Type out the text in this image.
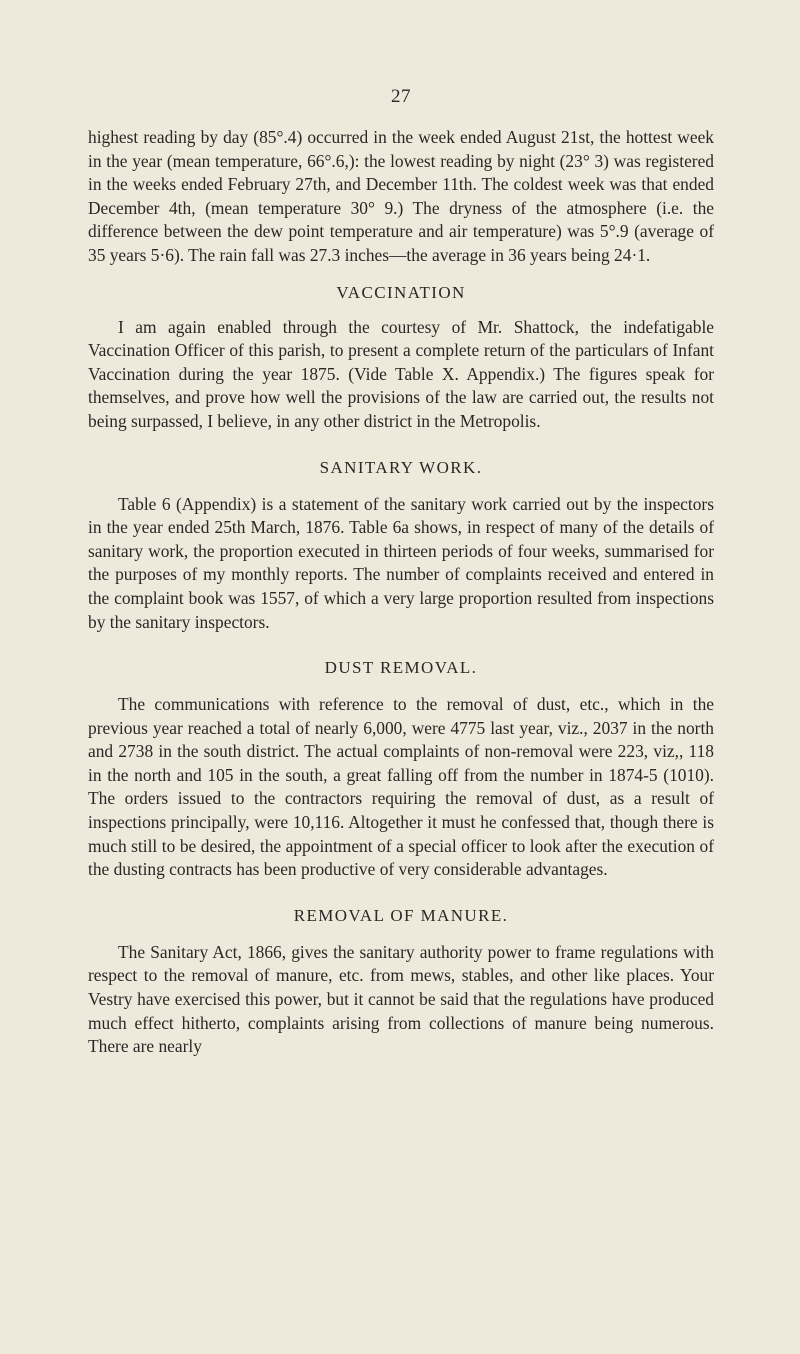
27

highest reading by day (85°.4) occurred in the week ended August 21st, the hottest week in the year (mean temperature, 66°.6,): the lowest reading by night (23° 3) was registered in the weeks ended February 27th, and December 11th. The coldest week was that ended December 4th, (mean temperature 30° 9.) The dryness of the atmosphere (i.e. the difference between the dew point temperature and air temperature) was 5°.9 (average of 35 years 5·6). The rain fall was 27.3 inches—the average in 36 years being 24·1.

VACCINATION

I am again enabled through the courtesy of Mr. Shattock, the indefatigable Vaccination Officer of this parish, to present a complete return of the particulars of Infant Vaccination during the year 1875. (Vide Table X. Appendix.) The figures speak for themselves, and prove how well the provisions of the law are carried out, the results not being surpassed, I believe, in any other district in the Metropolis.

SANITARY WORK.

Table 6 (Appendix) is a statement of the sanitary work carried out by the inspectors in the year ended 25th March, 1876. Table 6a shows, in respect of many of the details of sanitary work, the proportion executed in thirteen periods of four weeks, summarised for the purposes of my monthly reports. The number of complaints received and entered in the complaint book was 1557, of which a very large proportion resulted from inspections by the sanitary inspectors.

DUST REMOVAL.

The communications with reference to the removal of dust, etc., which in the previous year reached a total of nearly 6,000, were 4775 last year, viz., 2037 in the north and 2738 in the south district. The actual complaints of non-removal were 223, viz,, 118 in the north and 105 in the south, a great falling off from the number in 1874-5 (1010). The orders issued to the contractors requiring the removal of dust, as a result of inspections principally, were 10,116. Altogether it must he confessed that, though there is much still to be desired, the appointment of a special officer to look after the execution of the dusting contracts has been productive of very considerable advantages.

REMOVAL OF MANURE.

The Sanitary Act, 1866, gives the sanitary authority power to frame regulations with respect to the removal of manure, etc. from mews, stables, and other like places. Your Vestry have exercised this power, but it cannot be said that the regulations have produced much effect hitherto, complaints arising from collections of manure being numerous. There are nearly
